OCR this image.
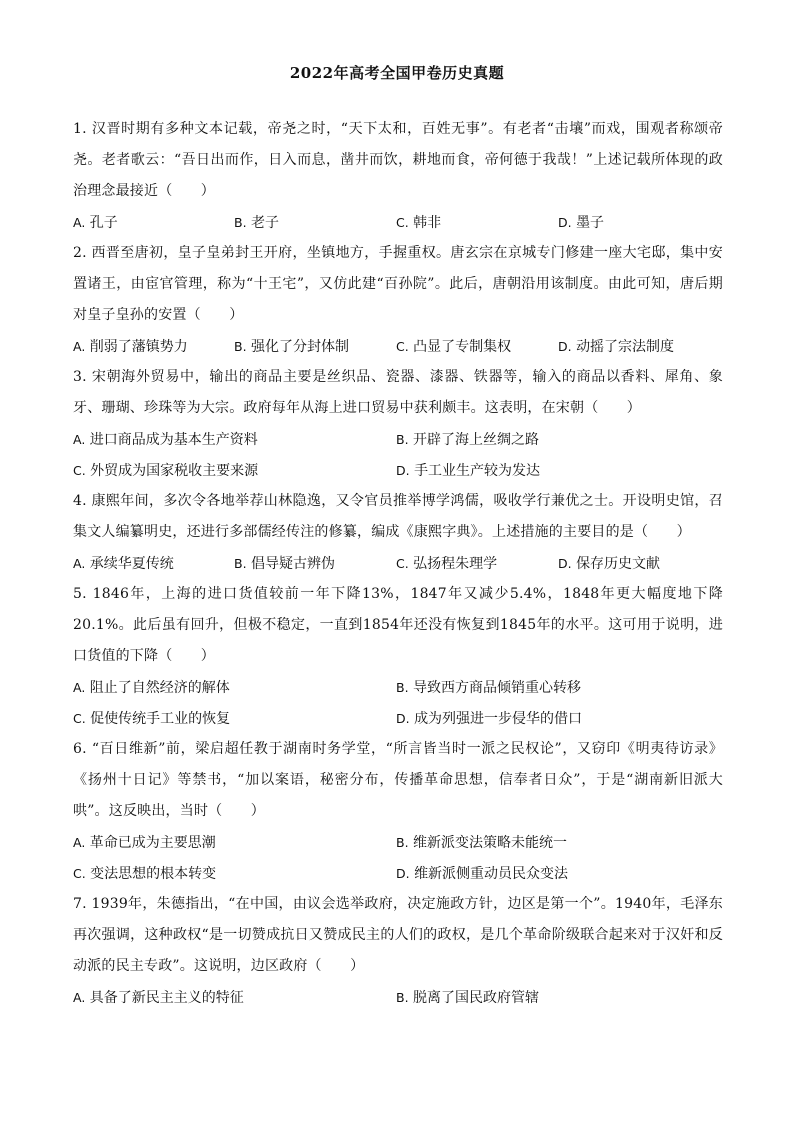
2022年高考全国甲卷历史真题

1. 汉晋时期有多种文本记载，帝尧之时，“天下太和，百姓无事”。有老者“击壤”而戏，围观者称颂帝尧。老者歌云：“吾日出而作，日入而息，凿井而饮，耕地而食，帝何德于我哉！”上述记载所体现的政治理念最接近（　　）

A. 孔子	B. 老子	C. 韩非	D. 墨子

2. 西晋至唐初，皇子皇弟封王开府，坐镇地方，手握重权。唐玄宗在京城专门修建一座大宅邸，集中安置诸王，由宦官管理，称为“十王宅”，又仿此建“百孙院”。此后，唐朝沿用该制度。由此可知，唐后期对皇子皇孙的安置（　　）

A. 削弱了藩镇势力	B. 强化了分封体制	C. 凸显了专制集权	D. 动摇了宗法制度

3. 宋朝海外贸易中，输出的商品主要是丝织品、瓷器、漆器、铁器等，输入的商品以香料、犀角、象牙、珊瑚、珍珠等为大宗。政府每年从海上进口贸易中获利颇丰。这表明，在宋朝（　　）

A. 进口商品成为基本生产资料	B. 开辟了海上丝绸之路
C. 外贸成为国家税收主要来源	D. 手工业生产较为发达

4. 康熙年间，多次令各地举荐山林隐逸，又令官员推举博学鸿儒，吸收学行兼优之士。开设明史馆，召集文人编纂明史，还进行多部儒经传注的修纂，编成《康熙字典》。上述措施的主要目的是（　　）

A. 承续华夏传统	B. 倡导疑古辨伪	C. 弘扬程朱理学	D. 保存历史文献

5. 1846年，上海的进口货值较前一年下降13%，1847年又减少5.4%，1848年更大幅度地下降20.1%。此后虽有回升，但极不稳定，一直到1854年还没有恢复到1845年的水平。这可用于说明，进口货值的下降（　　）

A. 阻止了自然经济的解体	B. 导致西方商品倾销重心转移
C. 促使传统手工业的恢复	D. 成为列强进一步侵华的借口

6. “百日维新”前，梁启超任教于湖南时务学堂，“所言皆当时一派之民权论”，又窃印《明夷待访录》《扬州十日记》等禁书，“加以案语，秘密分布，传播革命思想，信奉者日众”，于是“湖南新旧派大哄”。这反映出，当时（　　）

A. 革命已成为主要思潮	B. 维新派变法策略未能统一
C. 变法思想的根本转变	D. 维新派侧重动员民众变法

7. 1939年，朱德指出，“在中国，由议会选举政府，决定施政方针，边区是第一个”。1940年，毛泽东再次强调，这种政权“是一切赞成抗日又赞成民主的人们的政权，是几个革命阶级联合起来对于汉奸和反动派的民主专政”。这说明，边区政府（　　）

A. 具备了新民主主义的特征	B. 脱离了国民政府管辖
